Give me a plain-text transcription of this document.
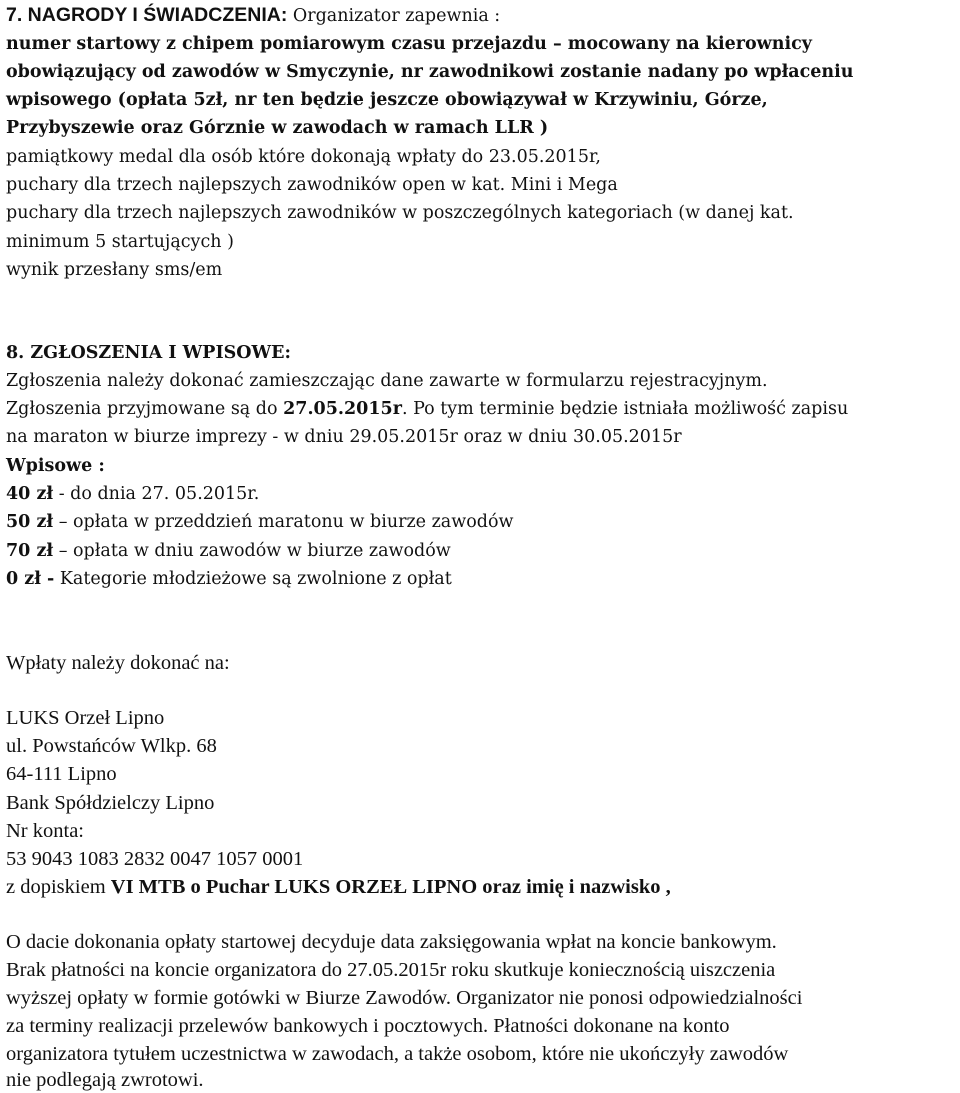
7. NAGRODY I ŚWIADCZENIA: Organizator zapewnia :
numer startowy z chipem pomiarowym czasu przejazdu – mocowany na kierownicy
obowiązujący od zawodów w Smyczynie, nr zawodnikowi zostanie nadany po wpłaceniu
wpisowego (opłata 5zł, nr ten będzie jeszcze obowiązywał w Krzywiniu, Górze,
Przybyszewie oraz Górznie w zawodach w ramach LLR )
pamiątkowy medal dla osób które dokonają wpłaty do 23.05.2015r,
puchary dla trzech najlepszych zawodników open w kat. Mini i Mega
puchary dla trzech najlepszych zawodników w poszczególnych kategoriach (w danej kat.
minimum 5 startujących )
wynik przesłany sms/em
8. ZGŁOSZENIA I WPISOWE:
Zgłoszenia należy dokonać zamieszczając dane zawarte w formularzu rejestracyjnym.
Zgłoszenia przyjmowane są do 27.05.2015r. Po tym terminie będzie istniała możliwość zapisu
na maraton w biurze imprezy - w dniu 29.05.2015r oraz w dniu 30.05.2015r
Wpisowe :
40 zł - do dnia 27. 05.2015r.
50 zł – opłata w przeddzień maratonu w biurze zawodów
70 zł – opłata w dniu zawodów w biurze zawodów
0 zł - Kategorie młodzieżowe są zwolnione z opłat
Wpłaty należy dokonać na:
LUKS Orzeł Lipno
ul. Powstańców Wlkp. 68
64-111 Lipno
Bank Spółdzielczy Lipno
Nr konta:
53 9043 1083 2832 0047 1057 0001
z dopiskiem VI MTB o Puchar LUKS ORZEŁ LIPNO oraz imię i nazwisko ,
O dacie dokonania opłaty startowej decyduje data zaksięgowania wpłat na koncie bankowym.
Brak płatności na koncie organizatora do 27.05.2015r roku skutkuje koniecznością uiszczenia
wyższej opłaty w formie gotówki w Biurze Zawodów. Organizator nie ponosi odpowiedzialności
za terminy realizacji przelewów bankowych i pocztowych. Płatności dokonane na konto
organizatora tytułem uczestnictwa w zawodach, a także osobom, które nie ukończyły zawodów
nie podlegają zwrotowi.
